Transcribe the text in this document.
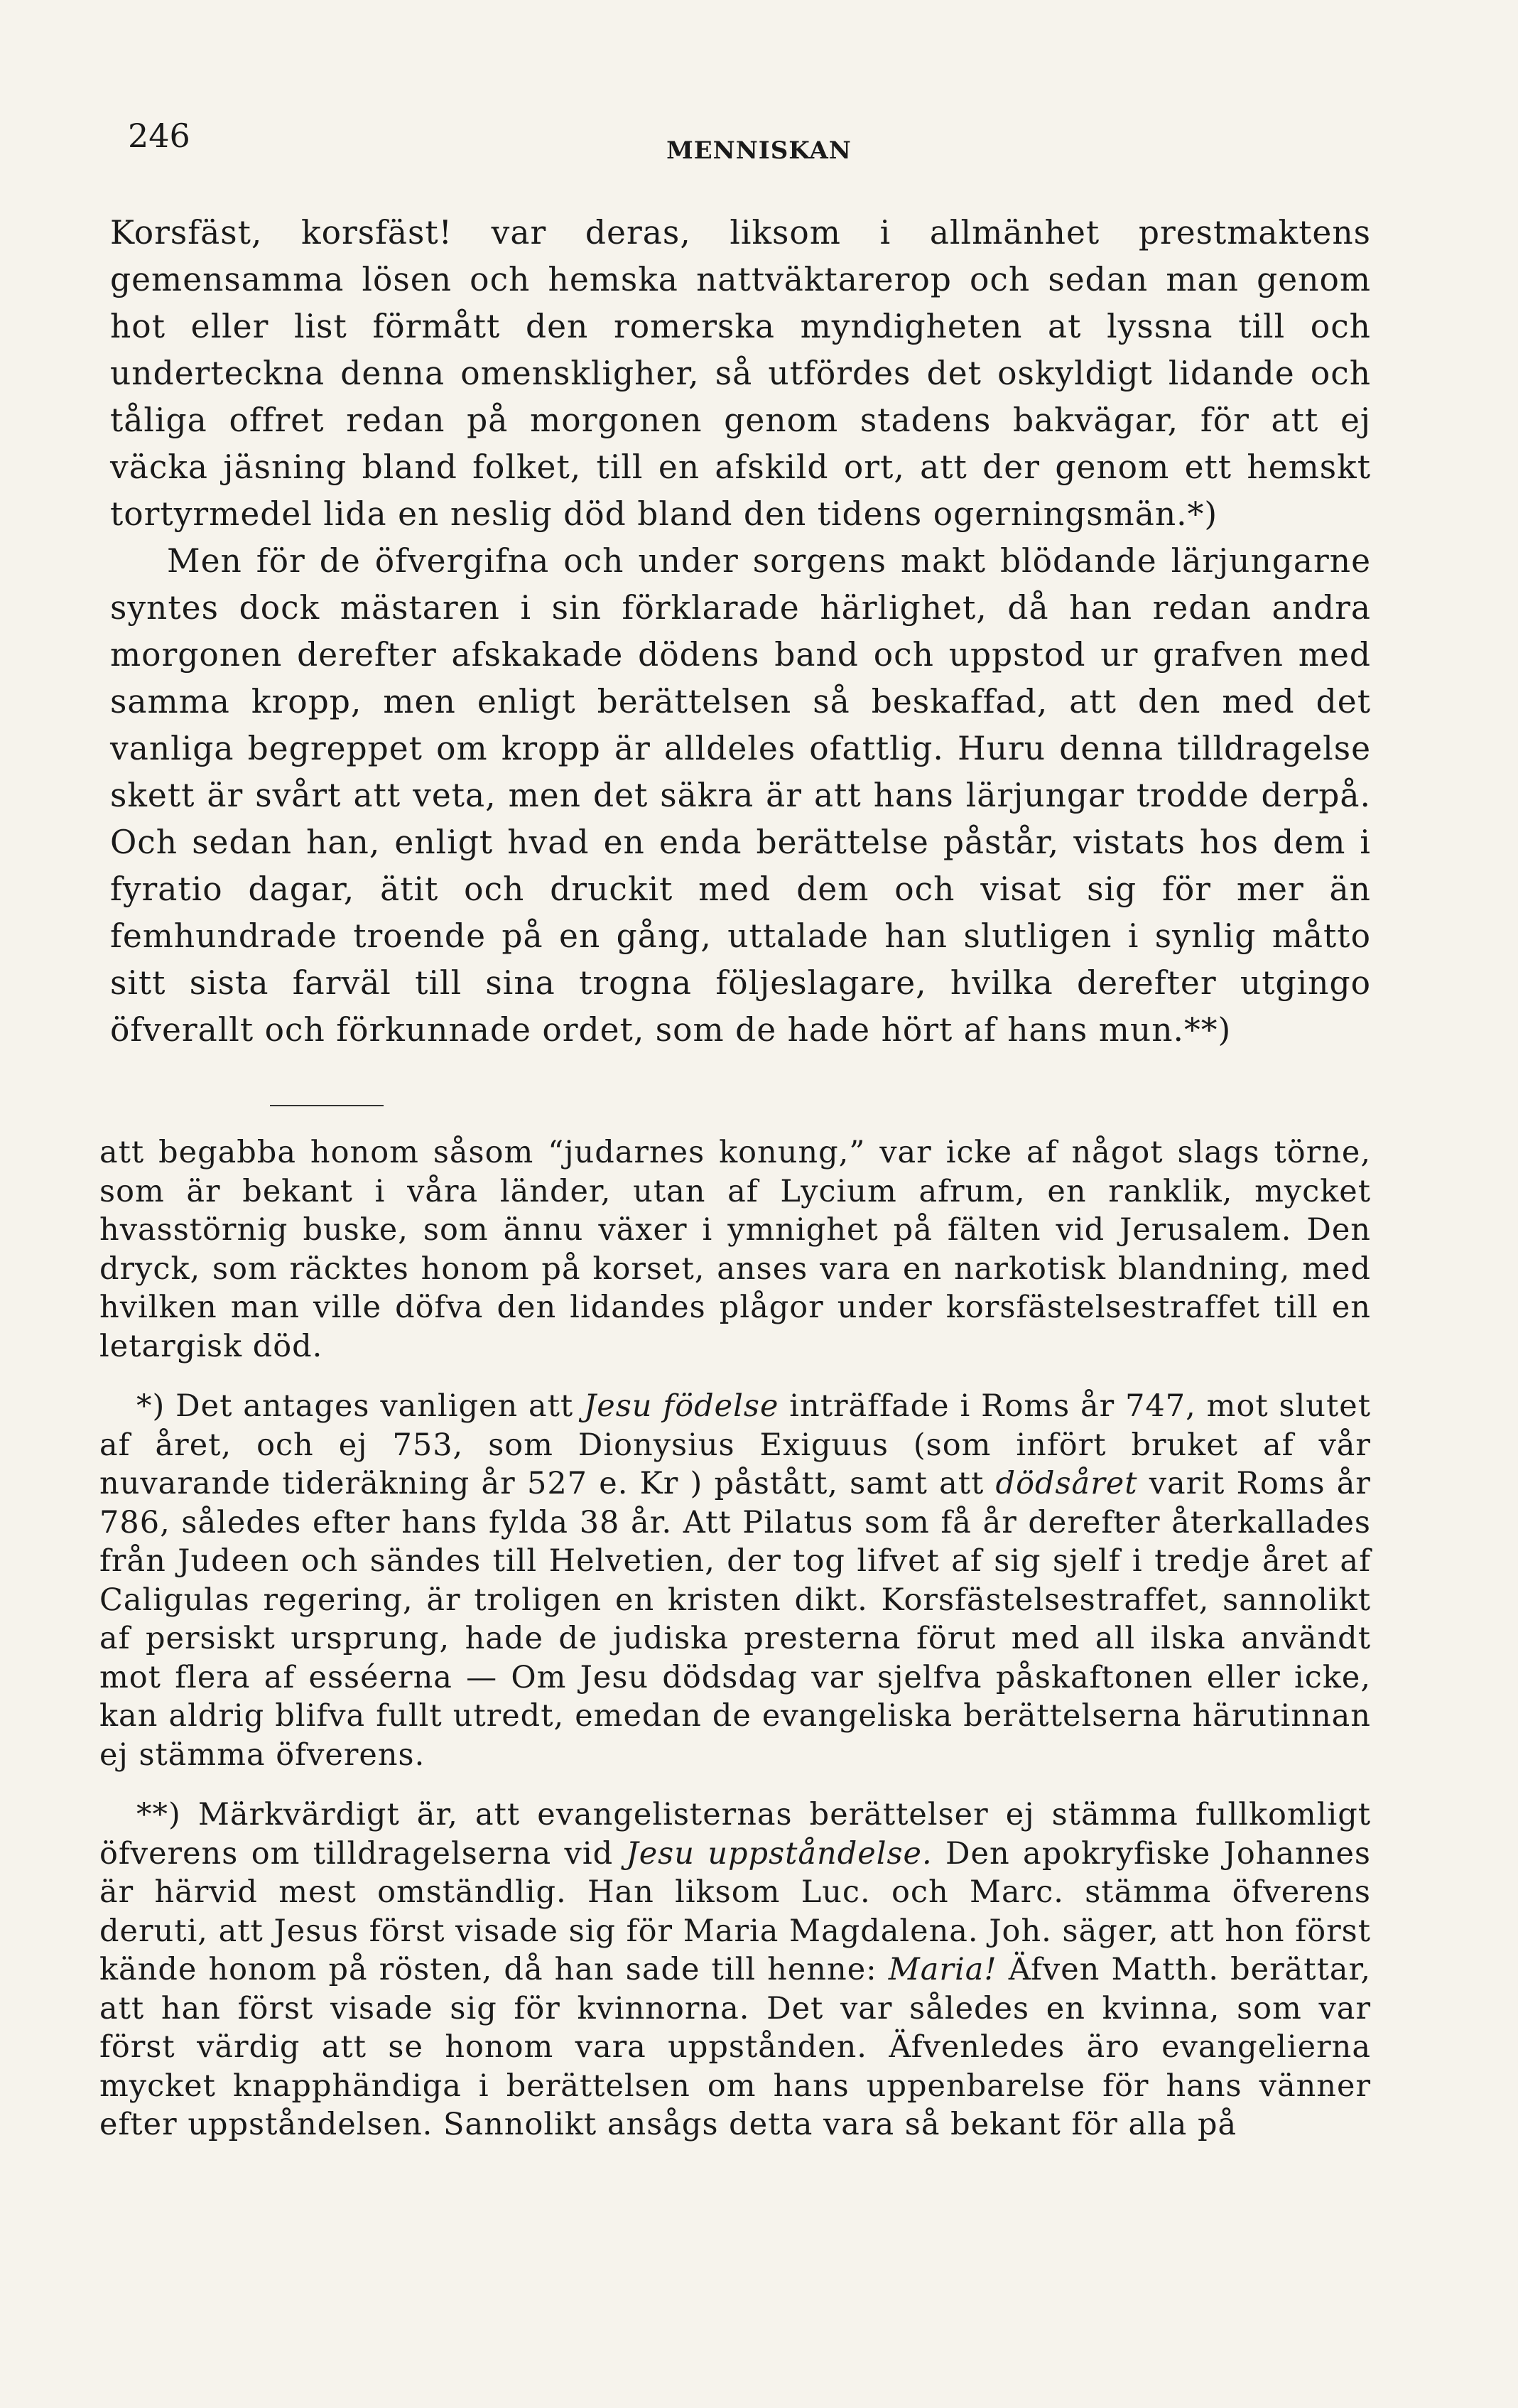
246	MENNISKAN

Korsfäst, korsfäst! var deras, liksom i allmänhet prestmaktens gemensamma lösen och hemska nattväktarerop och sedan man genom hot eller list förmått den romerska myndigheten at lyssna till och underteckna denna omenskligher, så utfördes det oskyldigt lidande och tåliga offret redan på morgonen genom stadens bakvägar, för att ej väcka jäsning bland folket, till en afskild ort, att der genom ett hemskt tortyrmedel lida en neslig död bland den tidens ogerningsmän.*)

Men för de öfvergifna och under sorgens makt blödande lärjungarne syntes dock mästaren i sin förklarade härlighet, då han redan andra morgonen derefter afskakade dödens band och uppstod ur grafven med samma kropp, men enligt berättelsen så beskaffad, att den med det vanliga begreppet om kropp är alldeles ofattlig. Huru denna tilldragelse skett är svårt att veta, men det säkra är att hans lärjungar trodde derpå. Och sedan han, enligt hvad en enda berättelse påstår, vistats hos dem i fyratio dagar, ätit och druckit med dem och visat sig för mer än femhundrade troende på en gång, uttalade han slutligen i synlig måtto sitt sista farväl till sina trogna följeslagare, hvilka derefter utgingo öfverallt och förkunnade ordet, som de hade hört af hans mun.**)

att begabba honom såsom “judarnes konung,” var icke af något slags törne, som är bekant i våra länder, utan af Lycium afrum, en ranklik, mycket hvasstörnig buske, som ännu växer i ymnighet på fälten vid Jerusalem. Den dryck, som räcktes honom på korset, anses vara en narkotisk blandning, med hvilken man ville döfva den lidandes plågor under korsfästelsestraffet till en letargisk död.

*) Det antages vanligen att Jesu födelse inträffade i Roms år 747, mot slutet af året, och ej 753, som Dionysius Exiguus (som infört bruket af vår nuvarande tideräkning år 527 e. Kr ) påstått, samt att dödsåret varit Roms år 786, således efter hans fylda 38 år. Att Pilatus som få år derefter återkallades från Judeen och sändes till Helvetien, der tog lifvet af sig sjelf i tredje året af Caligulas regering, är troligen en kristen dikt. Korsfästelsestraffet, sannolikt af persiskt ursprung, hade de judiska presterna förut med all ilska användt mot flera af esséerna — Om Jesu dödsdag var sjelfva påskaftonen eller icke, kan aldrig blifva fullt utredt, emedan de evangeliska berättelserna härutinnan ej stämma öfverens.

**) Märkvärdigt är, att evangelisternas berättelser ej stämma fullkomligt öfverens om tilldragelserna vid Jesu uppståndelse. Den apokryfiske Johannes är härvid mest omständlig. Han liksom Luc. och Marc. stämma öfverens deruti, att Jesus först visade sig för Maria Magdalena. Joh. säger, att hon först kände honom på rösten, då han sade till henne: Maria! Äfven Matth. berättar, att han först visade sig för kvinnorna. Det var således en kvinna, som var först värdig att se honom vara uppstånden. Äfvenledes äro evangelierna mycket knapphändiga i berättelsen om hans uppenbarelse för hans vänner efter uppståndelsen. Sannolikt ansågs detta vara så bekant för alla på
